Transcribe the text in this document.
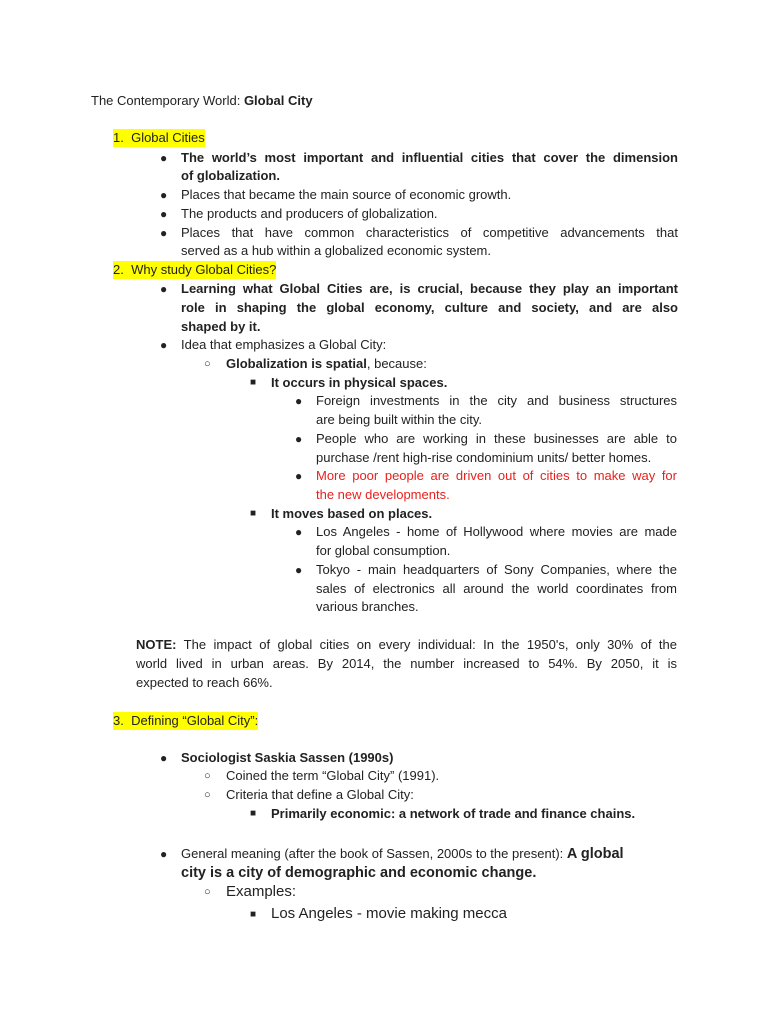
The Contemporary World: Global City
1. Global Cities
● The world’s most important and influential cities that cover the dimension
of globalization.
● Places that became the main source of economic growth.
● The products and producers of globalization.
● Places that have common characteristics of competitive advancements that
served as a hub within a globalized economic system.
2. Why study Global Cities?
● Learning what Global Cities are, is crucial, because they play an important
role in shaping the global economy, culture and society, and are also
shaped by it.
● Idea that emphasizes a Global City:
○ Globalization is spatial, because:
■ It occurs in physical spaces.
● Foreign investments in the city and business structures
are being built within the city.
● People who are working in these businesses are able to
purchase /rent high-rise condominium units/ better homes.
● More poor people are driven out of cities to make way for
the new developments.
■ It moves based on places.
● Los Angeles - home of Hollywood where movies are made
for global consumption.
● Tokyo - main headquarters of Sony Companies, where the
sales of electronics all around the world coordinates from
various branches.
NOTE: The impact of global cities on every individual: In the 1950's, only 30% of the
world lived in urban areas. By 2014, the number increased to 54%. By 2050, it is
expected to reach 66%.
3. Defining “Global City”:
● Sociologist Saskia Sassen (1990s)
○ Coined the term “Global City” (1991).
○ Criteria that define a Global City:
■ Primarily economic: a network of trade and finance chains.
● General meaning (after the book of Sassen, 2000s to the present): A global
city is a city of demographic and economic change.
○ Examples:
■ Los Angeles - movie making mecca
